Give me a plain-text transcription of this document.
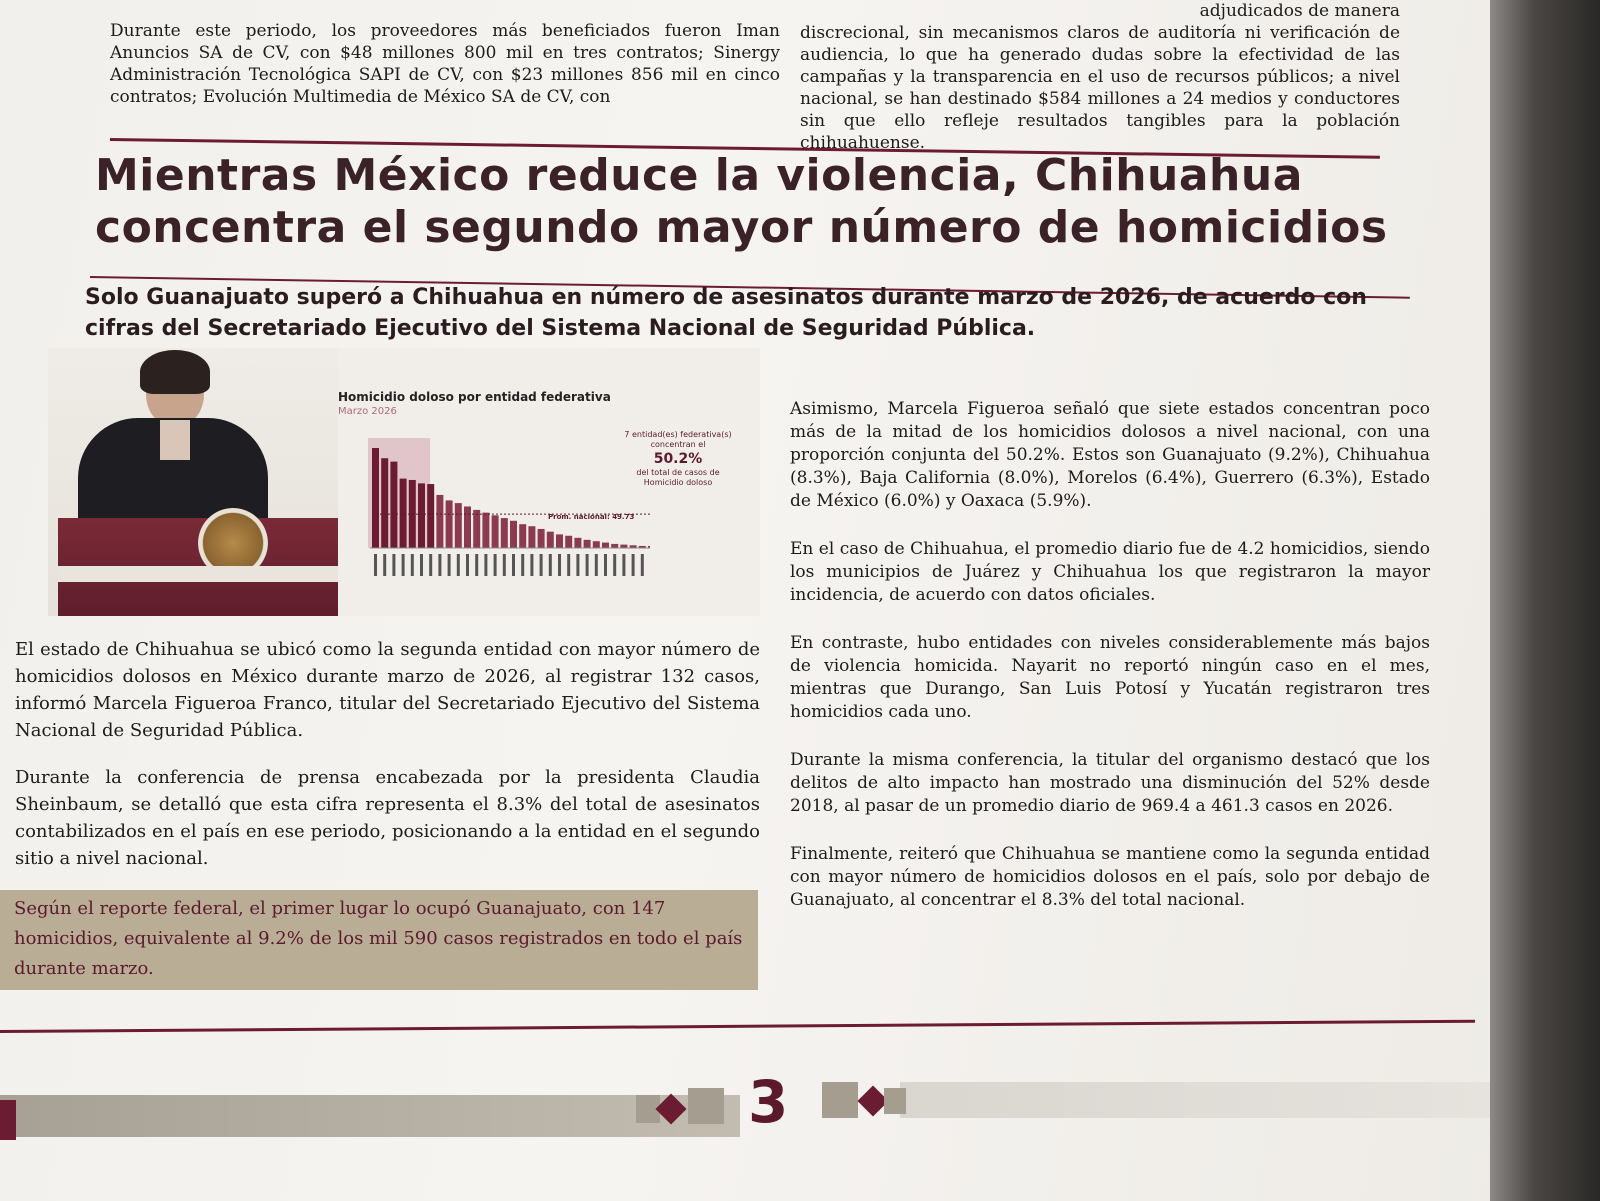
Durante este periodo, los proveedores más beneficiados fueron Iman Anuncios SA de CV, con $48 millones 800 mil en tres contratos; Sinergy Administración Tecnológica SAPI de CV, con $23 millones 856 mil en cinco contratos; Evolución Multimedia de México SA de CV, con
adjudicados de manera
discrecional, sin mecanismos claros de auditoría ni verificación de audiencia, lo que ha generado dudas sobre la efectividad de las campañas y la transparencia en el uso de recursos públicos; a nivel nacional, se han destinado $584 millones a 24 medios y conductores sin que ello refleje resultados tangibles para la población chihuahuense.
Mientras México reduce la violencia, Chihuahua concentra el segundo mayor número de homicidios
Solo Guanajuato superó a Chihuahua en número de asesinatos durante marzo de 2026, de acuerdo con cifras del Secretariado Ejecutivo del Sistema Nacional de Seguridad Pública.
Homicidio doloso por entidad federativa
Marzo 2026
7 entidad(es) federativa(s)
concentran el
50.2%
del total de casos de
Homicidio doloso
Prom. nacional: 49.73

El estado de Chihuahua se ubicó como la segunda entidad con mayor número de homicidios dolosos en México durante marzo de 2026, al registrar 132 casos, informó Marcela Figueroa Franco, titular del Secretariado Ejecutivo del Sistema Nacional de Seguridad Pública.

Durante la conferencia de prensa encabezada por la presidenta Claudia Sheinbaum, se detalló que esta cifra representa el 8.3% del total de asesinatos contabilizados en el país en ese periodo, posicionando a la entidad en el segundo sitio a nivel nacional.

Según el reporte federal, el primer lugar lo ocupó Guanajuato, con 147 homicidios, equivalente al 9.2% de los mil 590 casos registrados en todo el país durante marzo.

Asimismo, Marcela Figueroa señaló que siete estados concentran poco más de la mitad de los homicidios dolosos a nivel nacional, con una proporción conjunta del 50.2%. Estos son Guanajuato (9.2%), Chihuahua (8.3%), Baja California (8.0%), Morelos (6.4%), Guerrero (6.3%), Estado de México (6.0%) y Oaxaca (5.9%).

En el caso de Chihuahua, el promedio diario fue de 4.2 homicidios, siendo los municipios de Juárez y Chihuahua los que registraron la mayor incidencia, de acuerdo con datos oficiales.

En contraste, hubo entidades con niveles considerablemente más bajos de violencia homicida. Nayarit no reportó ningún caso en el mes, mientras que Durango, San Luis Potosí y Yucatán registraron tres homicidios cada uno.

Durante la misma conferencia, la titular del organismo destacó que los delitos de alto impacto han mostrado una disminución del 52% desde 2018, al pasar de un promedio diario de 969.4 a 461.3 casos en 2026.

Finalmente, reiteró que Chihuahua se mantiene como la segunda entidad con mayor número de homicidios dolosos en el país, solo por debajo de Guanajuato, al concentrar el 8.3% del total nacional.

3
